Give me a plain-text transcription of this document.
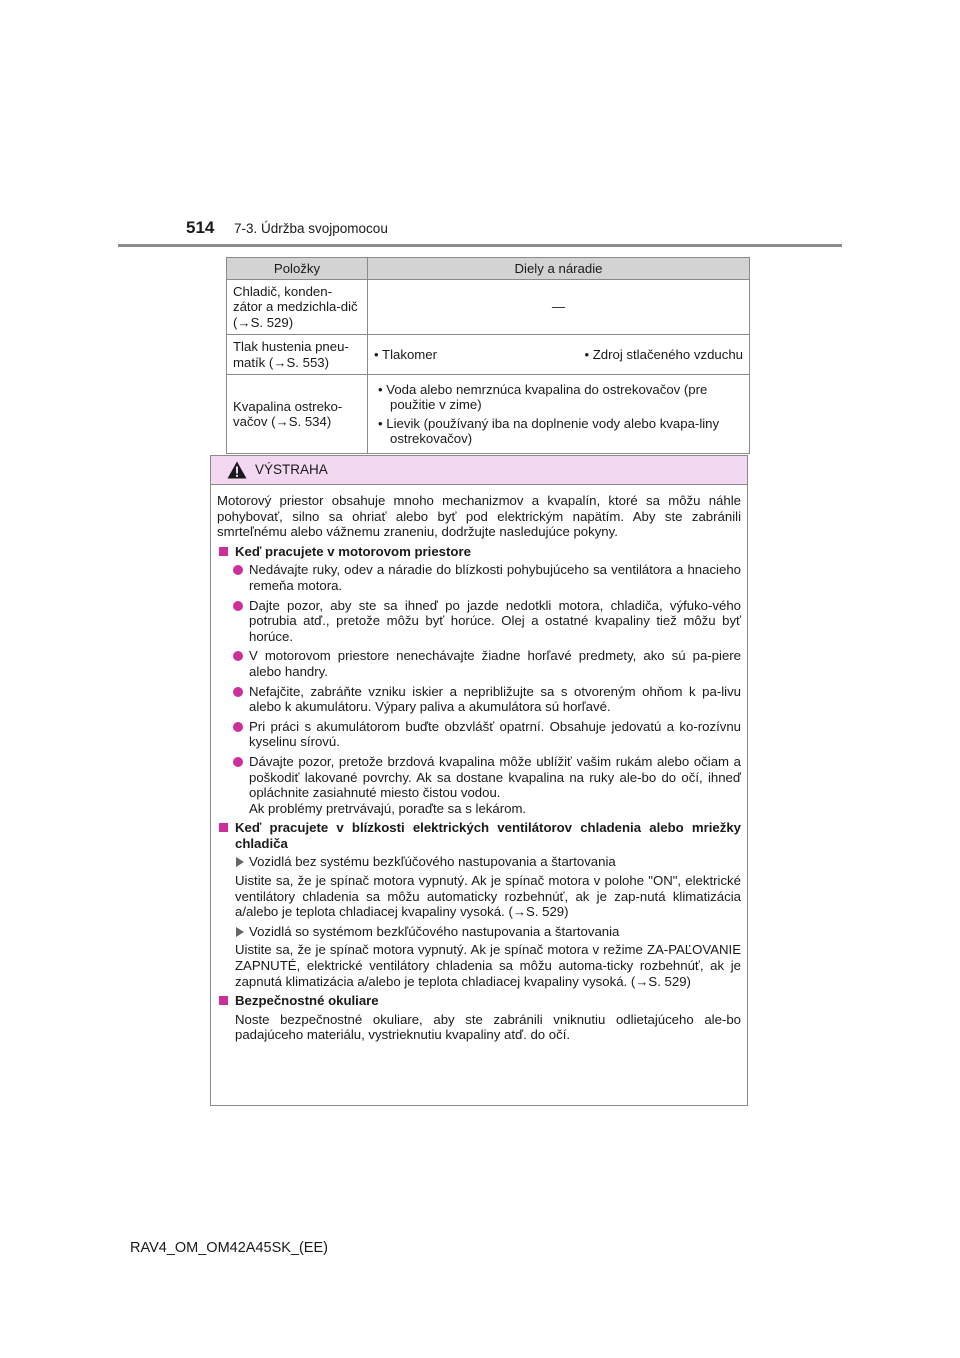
514 7-3. Údržba svojpomocou
Položky	Diely a náradie
Chladič, konden-zátor a medzichla-dič (→S. 529)	—
Tlak hustenia pneu-matík (→S. 553)	• Tlakomer • Zdroj stlačeného vzduchu

Kvapalina ostreko-vačov (→S. 534)	• Voda alebo nemrznúca kvapalina do ostrekovačov (pre použitie v zime)
• Lievik (používaný iba na doplnenie vody alebo kvapa-liny ostrekovačov)
VÝSTRAHA

Motorový priestor obsahuje mnoho mechanizmov a kvapalín, ktoré sa môžu náhle pohybovať, silno sa ohriať alebo byť pod elektrickým napätím. Aby ste zabránili smrteľnému alebo vážnemu zraneniu, dodržujte nasledujúce pokyny.

Keď pracujete v motorovom priestore
Nedávajte ruky, odev a náradie do blízkosti pohybujúceho sa ventilátora a hnacieho remeňa motora.
Dajte pozor, aby ste sa ihneď po jazde nedotkli motora, chladiča, výfuko-vého potrubia atď., pretože môžu byť horúce. Olej a ostatné kvapaliny tiež môžu byť horúce.
V motorovom priestore nenechávajte žiadne horľavé predmety, ako sú pa-piere alebo handry.
Nefajčite, zabráňte vzniku iskier a nepribližujte sa s otvoreným ohňom k pa-livu alebo k akumulátoru. Výpary paliva a akumulátora sú horľavé.
Pri práci s akumulátorom buďte obzvlášť opatrní. Obsahuje jedovatú a ko-rozívnu kyselinu sírovú.
Dávajte pozor, pretože brzdová kvapalina môže ublížiť vašim rukám alebo očiam a poškodiť lakované povrchy. Ak sa dostane kvapalina na ruky ale-bo do očí, ihneď opláchnite zasiahnuté miesto čistou vodou.
Ak problémy pretrvávajú, poraďte sa s lekárom.
Keď pracujete v blízkosti elektrických ventilátorov chladenia alebo mriežky chladiča
Vozidlá bez systému bezkľúčového nastupovania a štartovania

Uistite sa, že je spínač motora vypnutý. Ak je spínač motora v polohe "ON", elektrické ventilátory chladenia sa môžu automaticky rozbehnúť, ak je zap-nutá klimatizácia a/alebo je teplota chladiacej kvapaliny vysoká. (→S. 529)

Vozidlá so systémom bezkľúčového nastupovania a štartovania

Uistite sa, že je spínač motora vypnutý. Ak je spínač motora v režime ZA-PAĽOVANIE ZAPNUTÉ, elektrické ventilátory chladenia sa môžu automa-ticky rozbehnúť, ak je zapnutá klimatizácia a/alebo je teplota chladiacej kvapaliny vysoká. (→S. 529)

Bezpečnostné okuliare

Noste bezpečnostné okuliare, aby ste zabránili vniknutiu odlietajúceho ale-bo padajúceho materiálu, vystrieknutiu kvapaliny atď. do očí.

RAV4_OM_OM42A45SK_(EE)
